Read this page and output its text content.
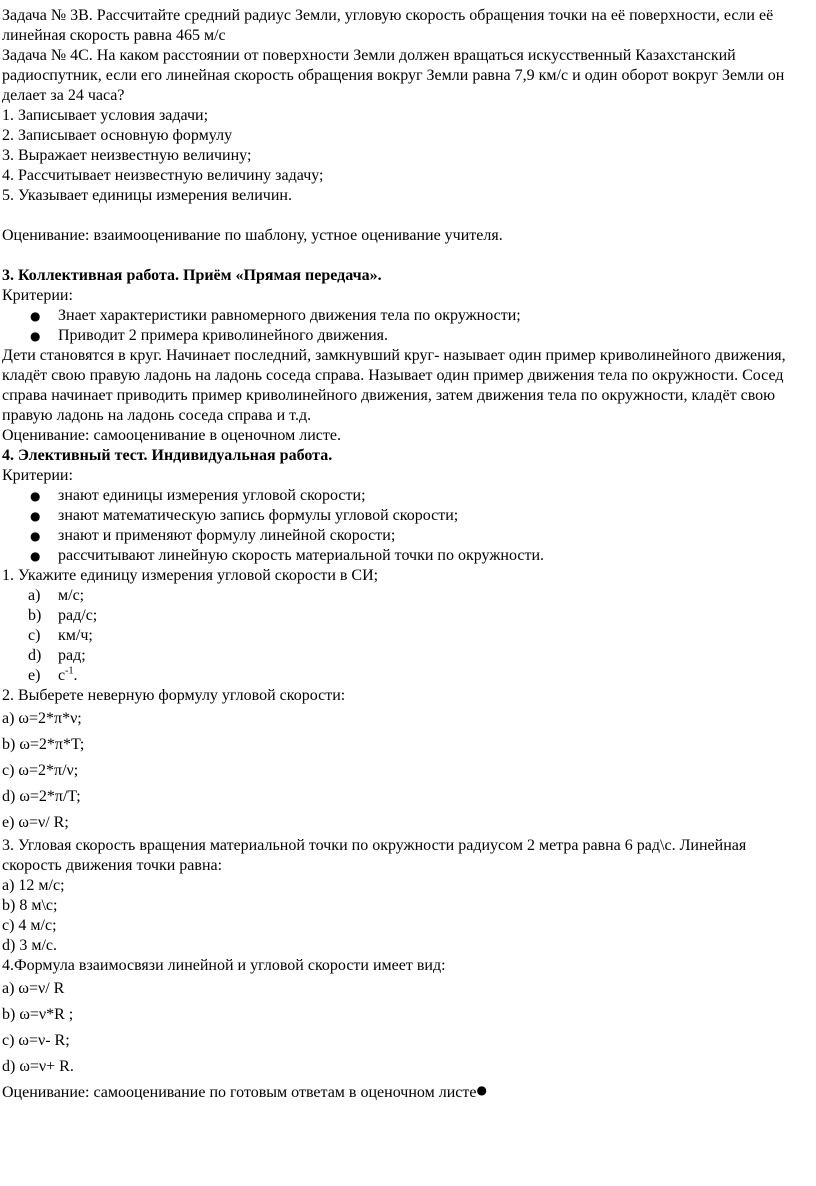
Задача № 3В. Рассчитайте средний радиус Земли, угловую скорость обращения точки на её поверхности, если её линейная скорость равна 465 м/с

Задача № 4С. На каком расстоянии от поверхности Земли должен вращаться искусственный Казахстанский радиоспутник, если его линейная скорость обращения вокруг Земли равна 7,9 км/с и один оборот вокруг Земли он делает за 24 часа?

1. Записывает условия задачи;

2. Записывает основную формулу

3. Выражает неизвестную величину;

4. Рассчитывает неизвестную величину задачу;

5. Указывает единицы измерения величин.

Оценивание: взаимооценивание по шаблону, устное оценивание учителя.

3. Коллективная работа. Приём «Прямая передача».

Критерии:

● Знает характеристики равномерного движения тела по окружности;

● Приводит 2 примера криволинейного движения.

Дети становятся в круг. Начинает последний, замкнувший круг- называет один пример криволинейного движения, кладёт свою правую ладонь на ладонь соседа справа. Называет один пример движения тела по окружности. Сосед справа начинает приводить пример криволинейного движения, затем движения тела по окружности, кладёт свою правую ладонь на ладонь соседа справа и т.д.

Оценивание: самооценивание в оценочном листе.

4. Элективный тест. Индивидуальная работа.

Критерии:

● знают единицы измерения угловой скорости;

● знают математическую запись формулы угловой скорости;

● знают и применяют формулу линейной скорости;

● рассчитывают линейную скорость материальной точки по окружности.

1. Укажите единицу измерения угловой скорости в СИ;

a) м/с;

b) рад/с;

c) км/ч;

d) рад;

e) $с^{-1}$.

2. Выберете неверную формулу угловой скорости:

a) ω=2*π*ν;

b) ω=2*π*T;

c) ω=2*π/ν;

d) ω=2*π/T;

e) ω=ν/ R;

3. Угловая скорость вращения материальной точки по окружности радиусом 2 метра равна 6 рад\с. Линейная скорость движения точки равна:

a) 12 м/с;

b) 8 м\с;

c) 4 м/с;

d) 3 м/с.

4.Формула взаимосвязи линейной и угловой скорости имеет вид:

a) ω=ν/ R

b) ω=ν*R ;

c) ω=ν- R;

d) ω=ν+ R.

Оценивание: самооценивание по готовым ответам в оценочном листе●
